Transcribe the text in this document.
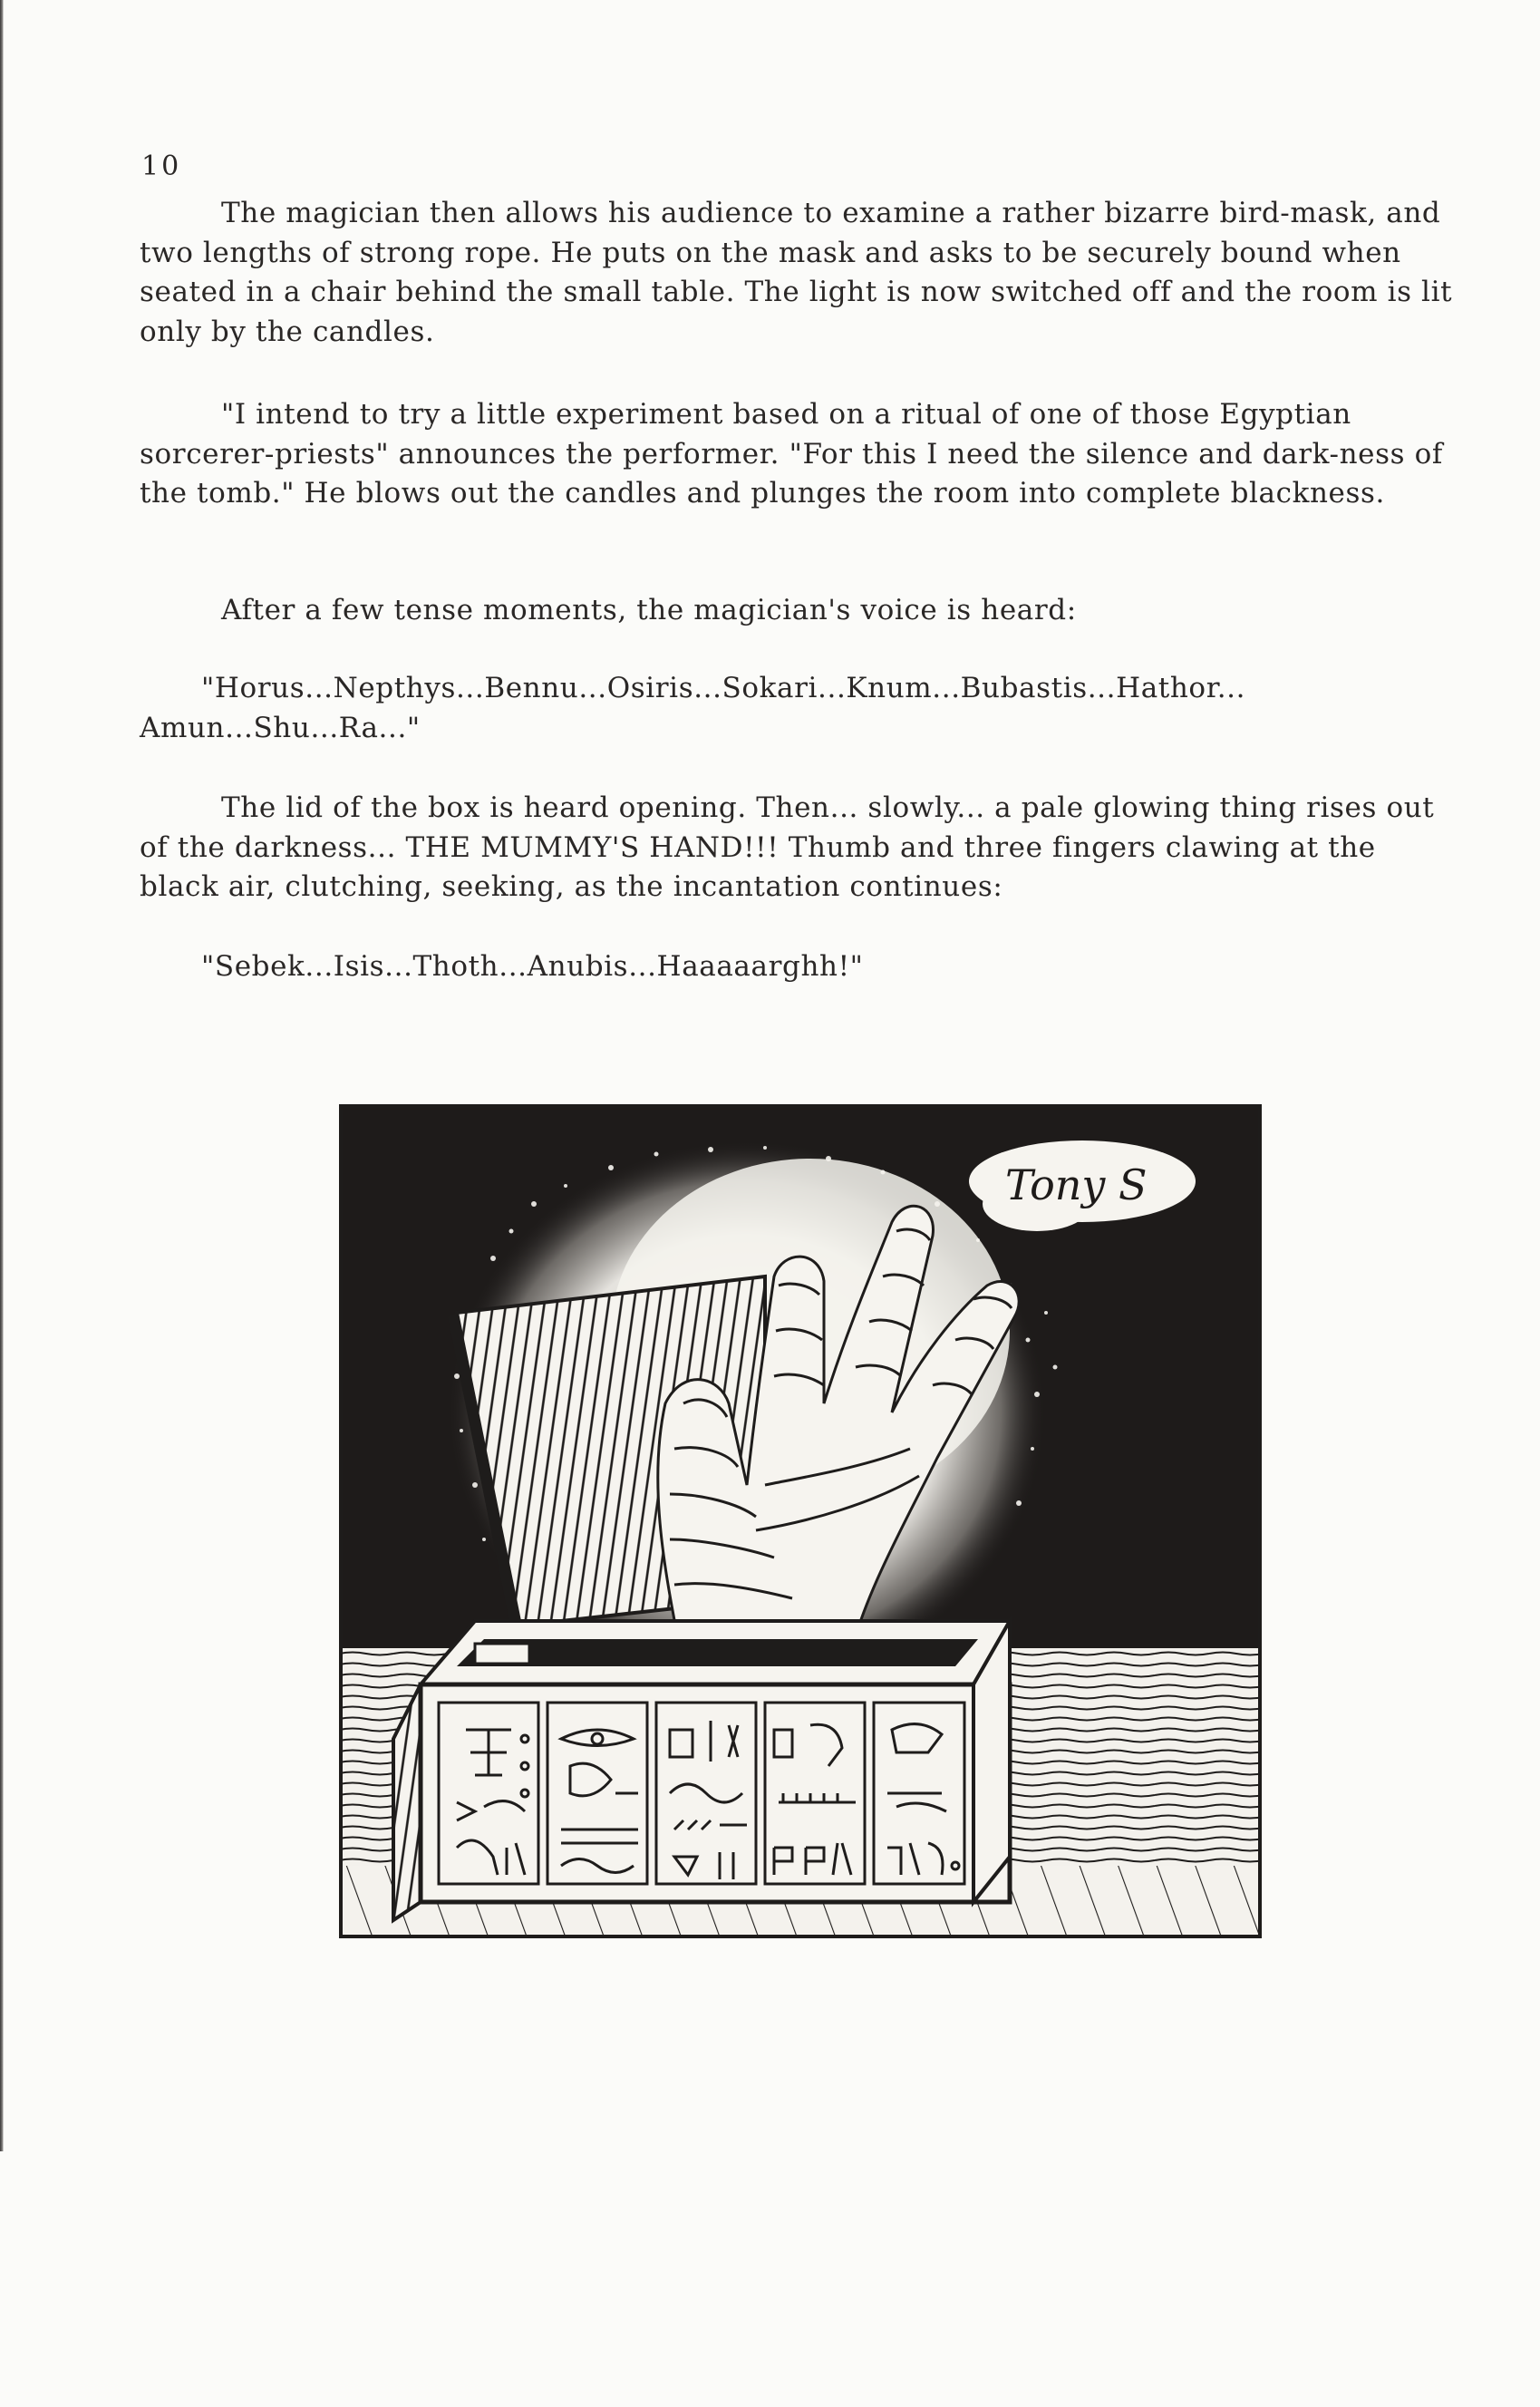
10

The magician then allows his audience to examine a rather bizarre bird-mask, and two lengths of strong rope. He puts on the mask and asks to be securely bound when seated in a chair behind the small table. The light is now switched off and the room is lit only by the candles.

"I intend to try a little experiment based on a ritual of one of those Egyptian sorcerer-priests" announces the performer. "For this I need the silence and dark-ness of the tomb." He blows out the candles and plunges the room into complete blackness.

After a few tense moments, the magician's voice is heard:

"Horus...Nepthys...Bennu...Osiris...Sokari...Knum...Bubastis...Hathor... Amun...Shu...Ra..."

The lid of the box is heard opening. Then... slowly... a pale glowing thing rises out of the darkness... THE MUMMY'S HAND!!! Thumb and three fingers clawing at the black air, clutching, seeking, as the incantation continues:

"Sebek...Isis...Thoth...Anubis...Haaaaarghh!"

Tony S
